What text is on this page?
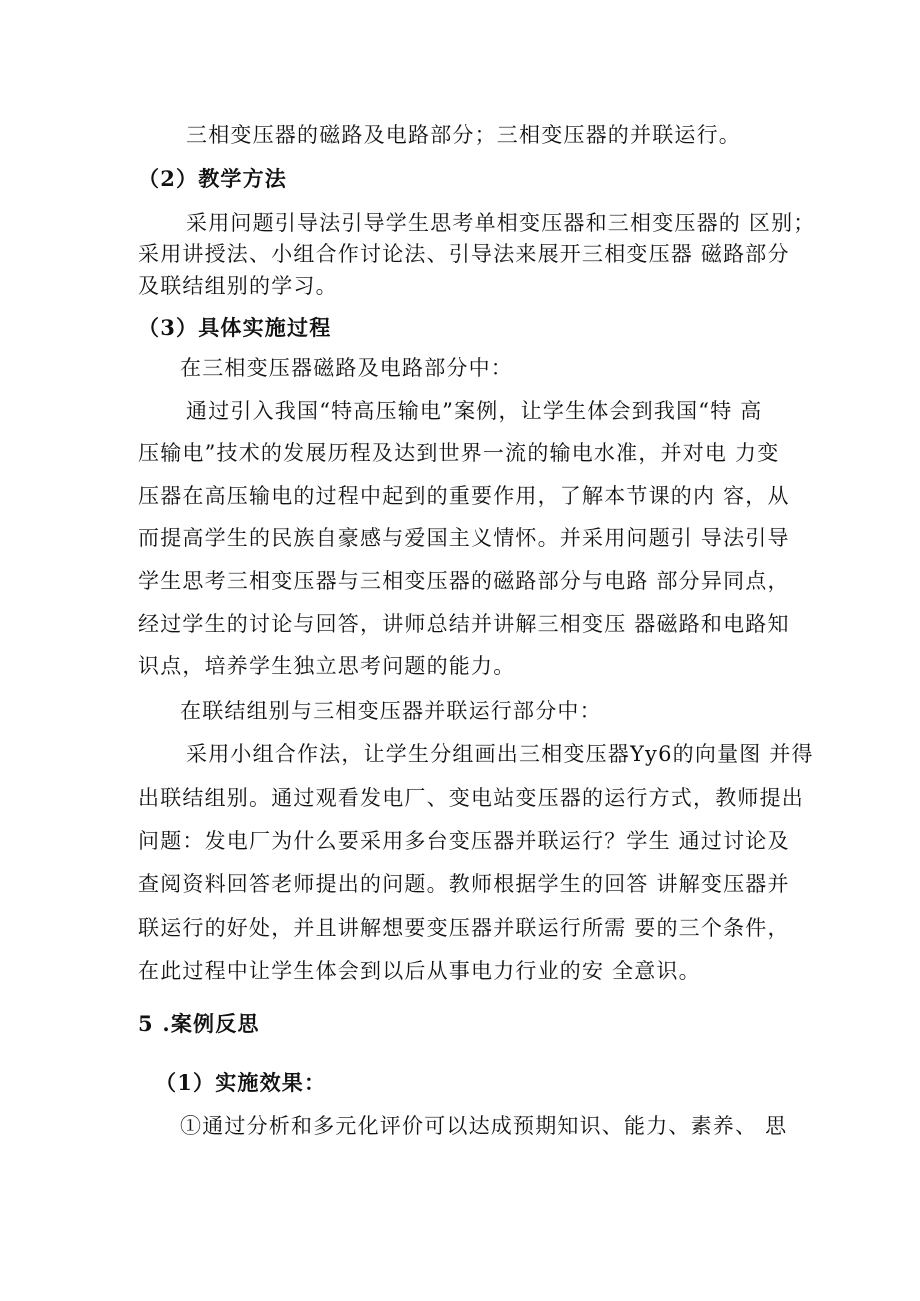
三相变压器的磁路及电路部分；三相变压器的并联运行。
（2）教学方法
采用问题引导法引导学生思考单相变压器和三相变压器的 区别；
采用讲授法、小组合作讨论法、引导法来展开三相变压器 磁路部分
及联结组别的学习。
（3）具体实施过程
在三相变压器磁路及电路部分中：
通过引入我国“特高压输电”案例，让学生体会到我国“特 高
压输电”技术的发展历程及达到世界一流的输电水准，并对电 力变
压器在高压输电的过程中起到的重要作用，了解本节课的内 容，从
而提高学生的民族自豪感与爱国主义情怀。并采用问题引 导法引导
学生思考三相变压器与三相变压器的磁路部分与电路 部分异同点，
经过学生的讨论与回答，讲师总结并讲解三相变压 器磁路和电路知
识点，培养学生独立思考问题的能力。
在联结组别与三相变压器并联运行部分中：
采用小组合作法，让学生分组画出三相变压器Yy6的向量图 并得
出联结组别。通过观看发电厂、变电站变压器的运行方式，教师提出
问题：发电厂为什么要采用多台变压器并联运行？学生 通过讨论及
查阅资料回答老师提出的问题。教师根据学生的回答 讲解变压器并
联运行的好处，并且讲解想要变压器并联运行所需 要的三个条件，
在此过程中让学生体会到以后从事电力行业的安 全意识。
5 .案例反思
（1）实施效果：
①通过分析和多元化评价可以达成预期知识、能力、素养、 思
